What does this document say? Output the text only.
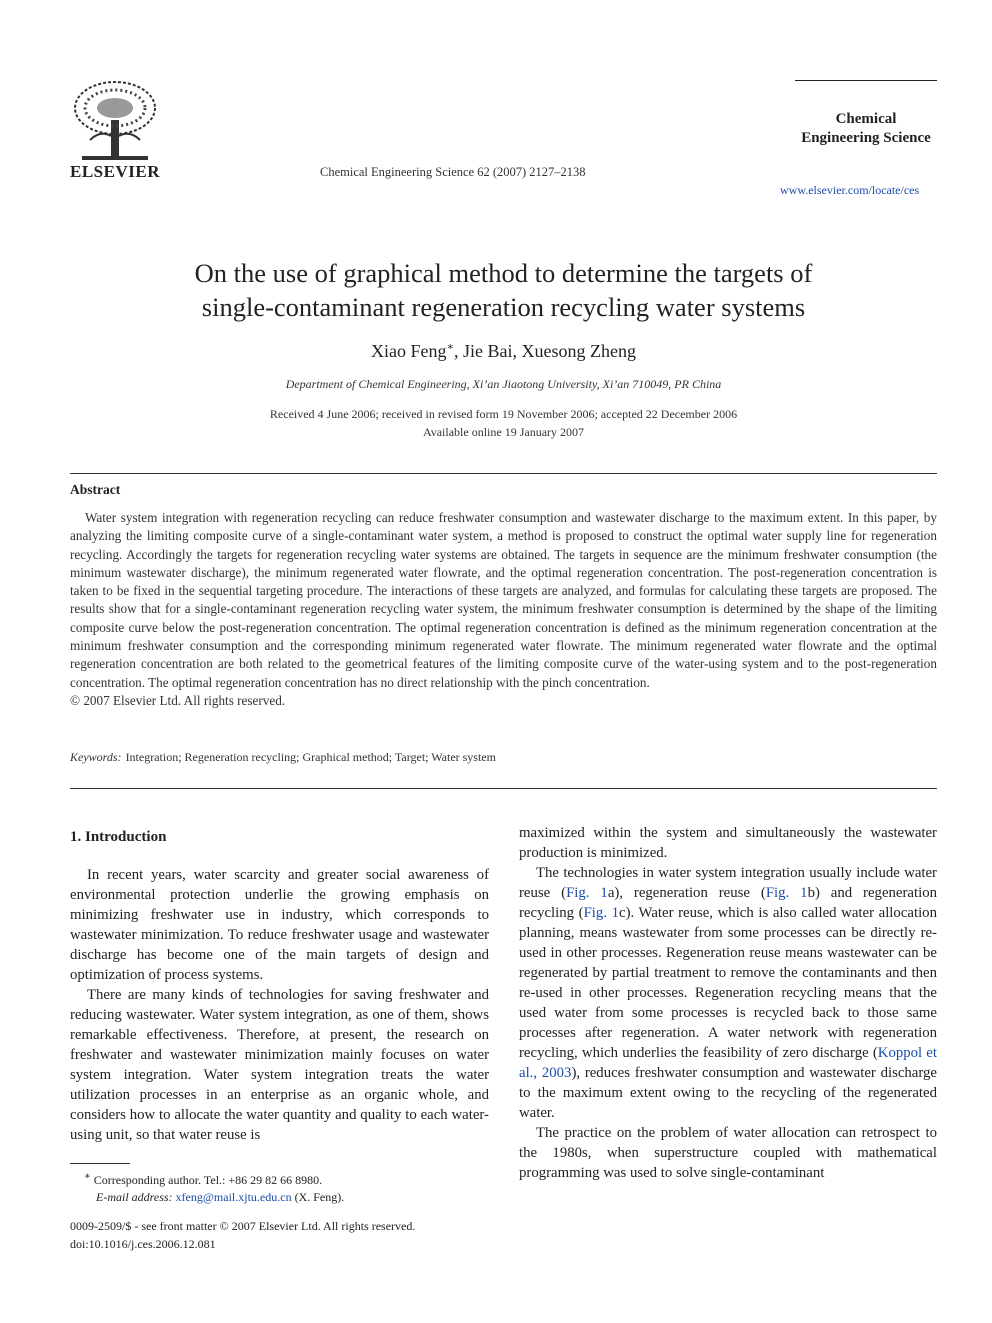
ELSEVIER	Chemical Engineering Science 62 (2007) 2127–2138
Chemical
Engineering Science
www.elsevier.com/locate/ces
On the use of graphical method to determine the targets of
single-contaminant regeneration recycling water systems
Xiao Feng∗, Jie Bai, Xuesong Zheng
Department of Chemical Engineering, Xi’an Jiaotong University, Xi’an 710049, PR China
Received 4 June 2006; received in revised form 19 November 2006; accepted 22 December 2006
Available online 19 January 2007
Abstract

Water system integration with regeneration recycling can reduce freshwater consumption and wastewater discharge to the maximum extent. In this paper, by analyzing the limiting composite curve of a single-contaminant water system, a method is proposed to construct the optimal water supply line for regeneration recycling. Accordingly the targets for regeneration recycling water systems are obtained. The targets in sequence are the minimum freshwater consumption (the minimum wastewater discharge), the minimum regenerated water flowrate, and the optimal regeneration concentration. The post-regeneration concentration is taken to be fixed in the sequential targeting procedure. The interactions of these targets are analyzed, and formulas for calculating these targets are proposed. The results show that for a single-contaminant regeneration recycling water system, the minimum freshwater consumption is determined by the shape of the limiting composite curve below the post-regeneration concentration. The optimal regeneration concentration is defined as the minimum regeneration concentration at the minimum freshwater consumption and the corresponding minimum regenerated water flowrate. The minimum regenerated water flowrate and the optimal regeneration concentration are both related to the geometrical features of the limiting composite curve of the water-using system and to the post-regeneration concentration. The optimal regeneration concentration has no direct relationship with the pinch concentration.

© 2007 Elsevier Ltd. All rights reserved.

Keywords: Integration; Regeneration recycling; Graphical method; Target; Water system
1. Introduction

In recent years, water scarcity and greater social awareness of environmental protection underlie the growing emphasis on minimizing freshwater use in industry, which corresponds to wastewater minimization. To reduce freshwater usage and wastewater discharge has become one of the main targets of design and optimization of process systems.

There are many kinds of technologies for saving freshwater and reducing wastewater. Water system integration, as one of them, shows remarkable effectiveness. Therefore, at present, the research on freshwater and wastewater minimization mainly focuses on water system integration. Water system integration treats the water utilization processes in an enterprise as an organic whole, and considers how to allocate the water quantity and quality to each water-using unit, so that water reuse is

maximized within the system and simultaneously the wastewater production is minimized.

The technologies in water system integration usually include water reuse (Fig. 1a), regeneration reuse (Fig. 1b) and regeneration recycling (Fig. 1c). Water reuse, which is also called water allocation planning, means wastewater from some processes can be directly re-used in other processes. Regeneration reuse means wastewater can be regenerated by partial treatment to remove the contaminants and then re-used in other processes. Regeneration recycling means that the used water from some processes is recycled back to those same processes after regeneration. A water network with regeneration recycling, which underlies the feasibility of zero discharge (Koppol et al., 2003), reduces freshwater consumption and wastewater discharge to the maximum extent owing to the recycling of the regenerated water.

The practice on the problem of water allocation can retrospect to the 1980s, when superstructure coupled with mathematical programming was used to solve single-contaminant

∗ Corresponding author. Tel.: +86 29 82 66 8980.
E-mail address: xfeng@mail.xjtu.edu.cn (X. Feng).
0009-2509/$ - see front matter © 2007 Elsevier Ltd. All rights reserved.
doi:10.1016/j.ces.2006.12.081
